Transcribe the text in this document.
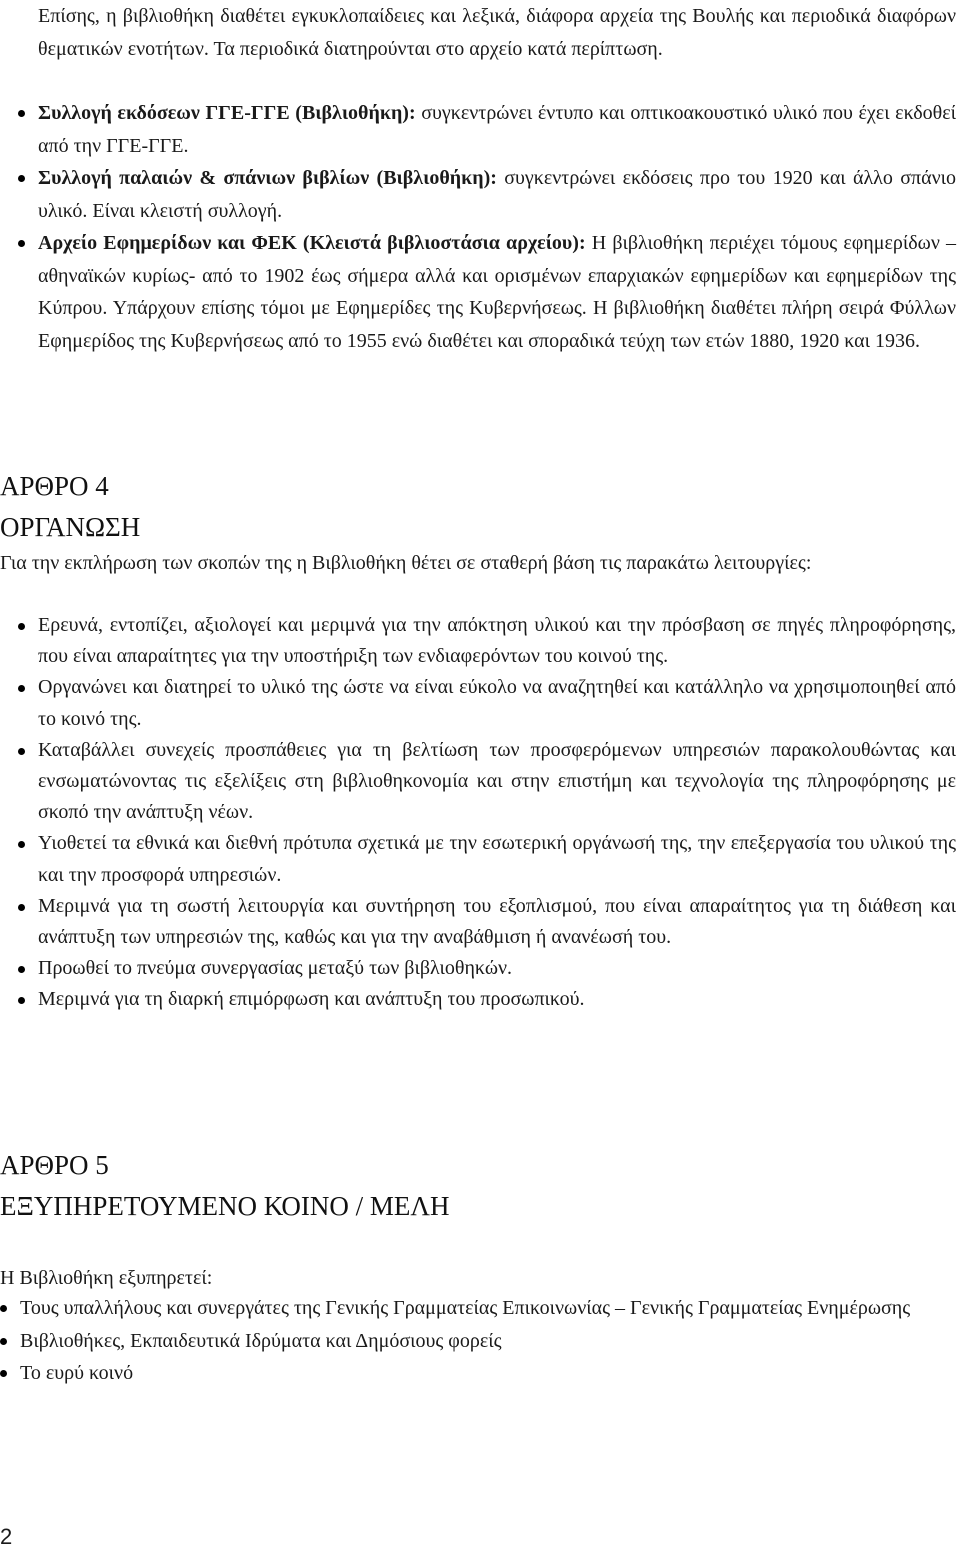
Επίσης, η βιβλιοθήκη διαθέτει εγκυκλοπαίδειες και λεξικά, διάφορα αρχεία της Βουλής και περιοδικά διαφόρων θεματικών ενοτήτων. Τα περιοδικά διατηρούνται στο αρχείο κατά περίπτωση.

Συλλογή εκδόσεων ΓΓΕ-ΓΓΕ (Βιβλιοθήκη): συγκεντρώνει έντυπο και οπτικοακουστικό υλικό που έχει εκδοθεί από την ΓΓΕ-ΓΓΕ.
Συλλογή παλαιών & σπάνιων βιβλίων (Βιβλιοθήκη): συγκεντρώνει εκδόσεις προ του 1920 και άλλο σπάνιο υλικό. Είναι κλειστή συλλογή.
Αρχείο Εφημερίδων και ΦΕΚ (Κλειστά βιβλιοστάσια αρχείου): Η βιβλιοθήκη περιέχει τόμους εφημερίδων –αθηναϊκών κυρίως- από το 1902 έως σήμερα αλλά και ορισμένων επαρχιακών εφημερίδων και εφημερίδων της Κύπρου. Υπάρχουν επίσης τόμοι με Εφημερίδες της Κυβερνήσεως. Η βιβλιοθήκη διαθέτει πλήρη σειρά Φύλλων Εφημερίδος της Κυβερνήσεως από το 1955 ενώ διαθέτει και σποραδικά τεύχη των ετών 1880, 1920 και 1936.
ΑΡΘΡΟ 4
ΟΡΓΑΝΩΣΗ

Για την εκπλήρωση των σκοπών της η Βιβλιοθήκη θέτει σε σταθερή βάση τις παρακάτω λειτουργίες:

Ερευνά, εντοπίζει, αξιολογεί και μεριμνά για την απόκτηση υλικού και την πρόσβαση σε πηγές πληροφόρησης, που είναι απαραίτητες για την υποστήριξη των ενδιαφερόντων του κοινού της.
Οργανώνει και διατηρεί το υλικό της ώστε να είναι εύκολο να αναζητηθεί και κατάλληλο να χρησιμοποιηθεί από το κοινό της.
Καταβάλλει συνεχείς προσπάθειες για τη βελτίωση των προσφερόμενων υπηρεσιών παρακολουθώντας και ενσωματώνοντας τις εξελίξεις στη βιβλιοθηκονομία και στην επιστήμη και τεχνολογία της πληροφόρησης με σκοπό την ανάπτυξη νέων.
Υιοθετεί τα εθνικά και διεθνή πρότυπα σχετικά με την εσωτερική οργάνωσή της, την επεξεργασία του υλικού της και την προσφορά υπηρεσιών.
Μεριμνά για τη σωστή λειτουργία και συντήρηση του εξοπλισμού, που είναι απαραίτητος για τη διάθεση και ανάπτυξη των υπηρεσιών της, καθώς και για την αναβάθμιση ή ανανέωσή του.
Προωθεί το πνεύμα συνεργασίας μεταξύ των βιβλιοθηκών.
Μεριμνά για τη διαρκή επιμόρφωση και ανάπτυξη του προσωπικού.
ΑΡΘΡΟ 5
ΕΞΥΠΗΡΕΤΟΥΜΕΝΟ ΚΟΙΝΟ / ΜΕΛΗ

Η Βιβλιοθήκη εξυπηρετεί:

Τους υπαλλήλους και συνεργάτες της Γενικής Γραμματείας Επικοινωνίας – Γενικής Γραμματείας Ενημέρωσης
Βιβλιοθήκες, Εκπαιδευτικά Ιδρύματα και Δημόσιους φορείς
Το ευρύ κοινό
2
